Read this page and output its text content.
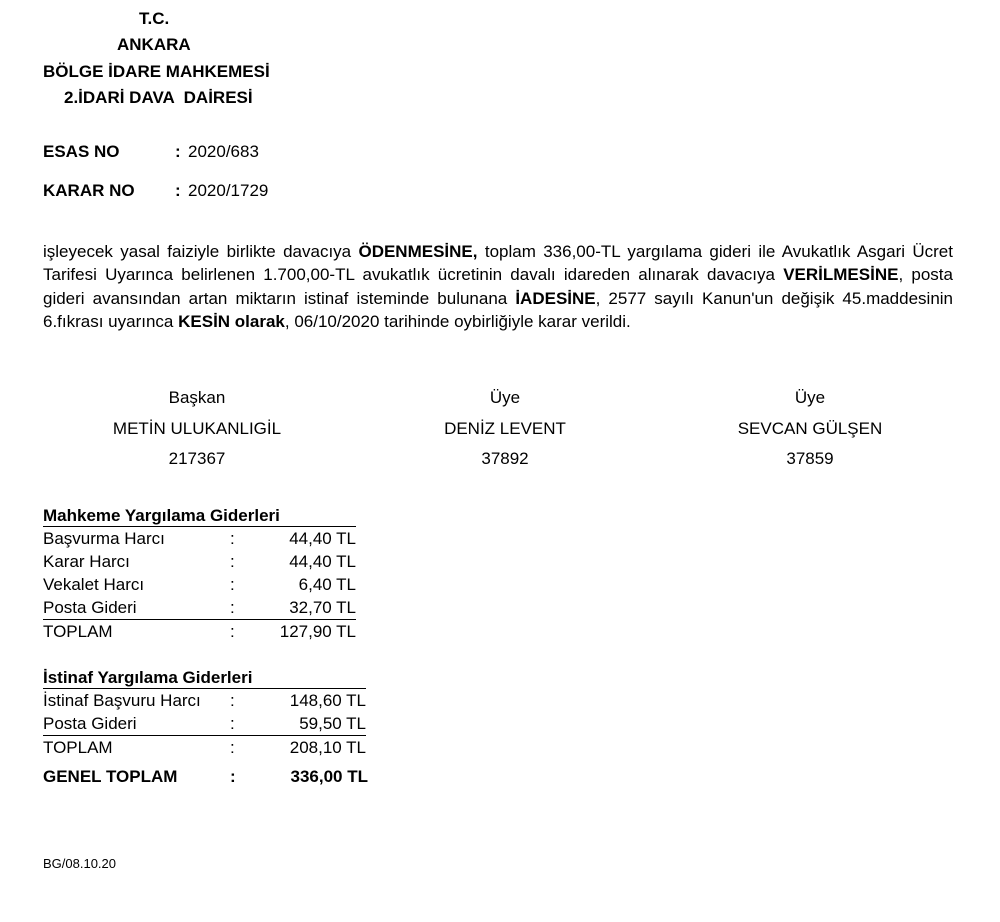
T.C.
ANKARA
BÖLGE İDARE MAHKEMESİ
2.İDARİ DAVA  DAİRESİ
ESAS NO	: 2020/683
KARAR NO : 2020/1729
işleyecek yasal faiziyle birlikte davacıya ÖDENMESİNE, toplam 336,00-TL yargılama gideri ile Avukatlık Asgari Ücret Tarifesi Uyarınca belirlenen 1.700,00-TL avukatlık ücretinin davalı idareden alınarak davacıya VERİLMESİNE, posta gideri avansından artan miktarın istinaf isteminde bulunana İADESİNE, 2577 sayılı Kanun'un değişik 45.maddesinin 6.fıkrası uyarınca KESİN olarak, 06/10/2020 tarihinde oybirliğiyle karar verildi.
Başkan
METİN ULUKANLIGİL
217367
Üye
DENİZ LEVENT
37892
Üye
SEVCAN GÜLŞEN
37859
Mahkeme Yargılama Giderleri
Başvurma Harcı	:	44,40 TL
Karar Harcı	:	44,40 TL
Vekalet Harcı	:	6,40 TL
Posta Gideri	:	32,70 TL
TOPLAM	:	127,90 TL
İstinaf Yargılama Giderleri
İstinaf Başvuru Harcı :	148,60 TL
Posta Gideri	:	59,50 TL
TOPLAM	:	208,10 TL
GENEL TOPLAM	:	336,00 TL
BG/08.10.20
